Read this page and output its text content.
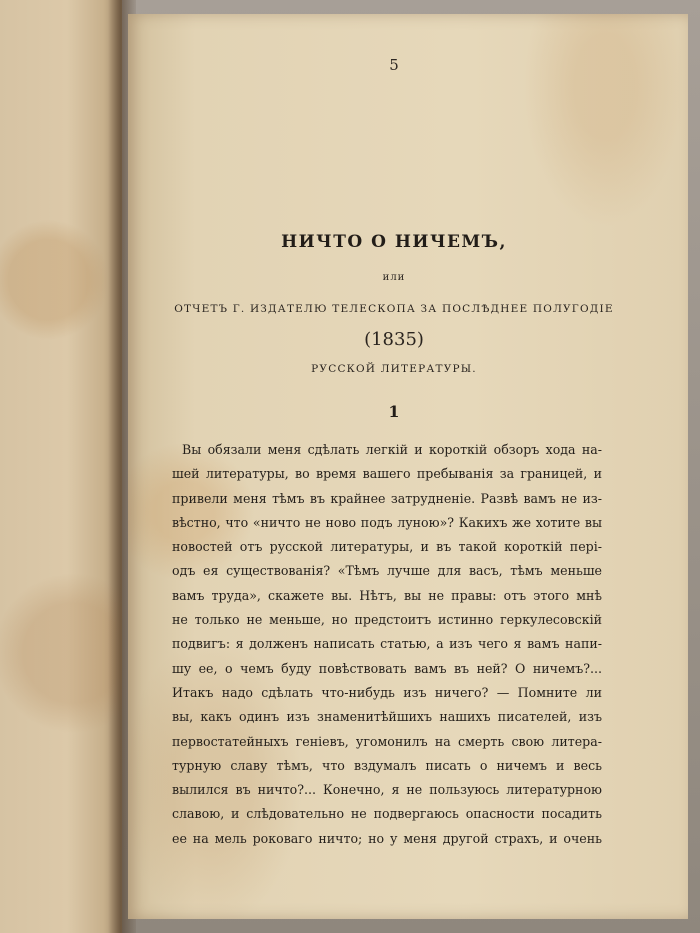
5
НИЧТО О НИЧЕМЪ,
или
ОТЧЕТЪ Г. ИЗДАТЕЛЮ ТЕЛЕСКОПА ЗА ПОСЛѢДНЕЕ ПОЛУГОДІЕ
(1835)
РУССКОЙ ЛИТЕРАТУРЫ.
1
Вы обязали меня сдѣлать легкій и короткій обзоръ хода на-
шей литературы, во время вашего пребыванія за границей, и
привели меня тѣмъ въ крайнее затрудненіе. Развѣ вамъ не из-
вѣстно, что «ничто не ново подъ луною»? Какихъ же хотите вы
новостей отъ русской литературы, и въ такой короткій пері-
одъ ея существованія? «Тѣмъ лучше для васъ, тѣмъ меньше
вамъ труда», скажете вы. Нѣтъ, вы не правы: отъ этого мнѣ
не только не меньше, но предстоитъ истинно геркулесовскій
подвигъ: я долженъ написать статью, а изъ чего я вамъ напи-
шу ее, о чемъ буду повѣствовать вамъ въ ней? О ничемъ?...
Итакъ надо сдѣлать что-нибудь изъ ничего? — Помните ли
вы, какъ одинъ изъ знаменитѣйшихъ нашихъ писателей, изъ
первостатейныхъ геніевъ, угомонилъ на смерть свою литера-
турную славу тѣмъ, что вздумалъ писать о ничемъ и весь
вылился въ ничто?... Конечно, я не пользуюсь литературною
славою, и слѣдовательно не подвергаюсь опасности посадить
ее на мель роковаго ничто; но у меня другой страхъ, и очень
